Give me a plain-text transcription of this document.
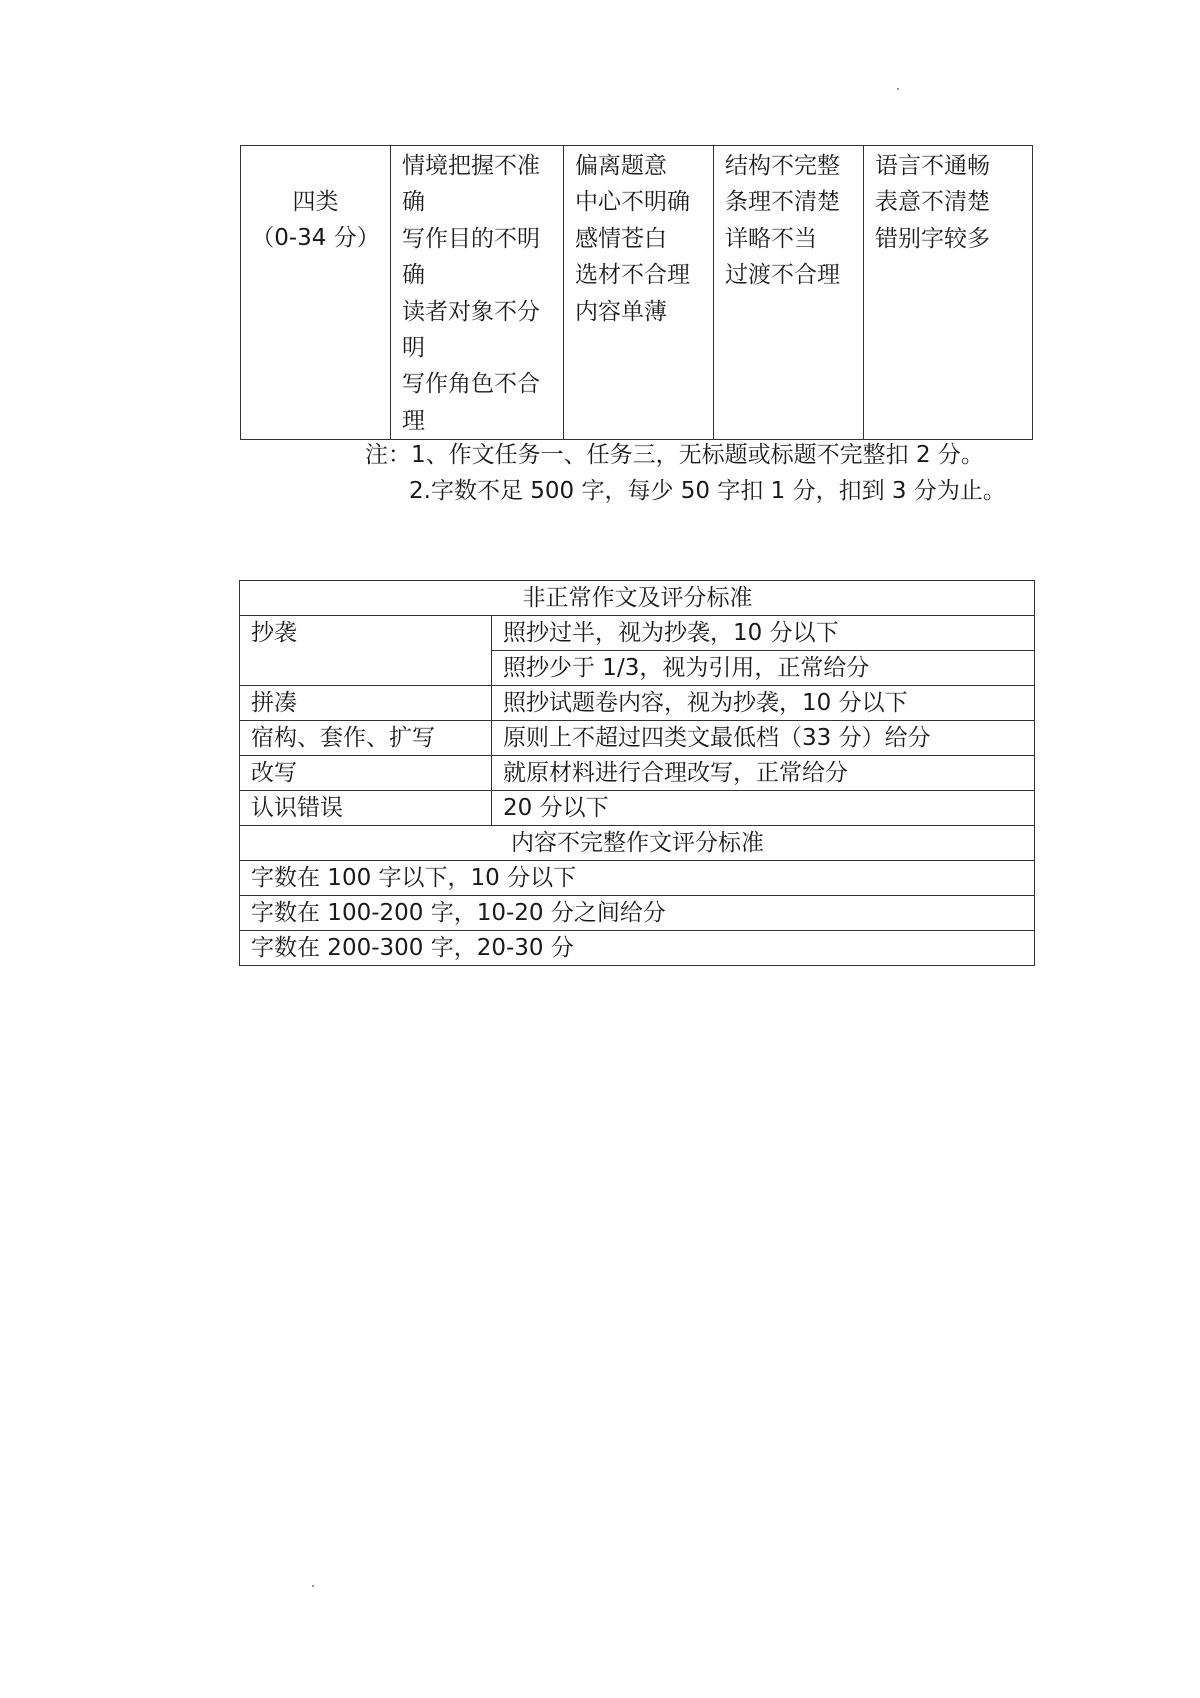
四类
（0-34 分）

情境把握不准
确
写作目的不明
确
读者对象不分
明
写作角色不合
理

偏离题意
中心不明确
感情苍白
选材不合理
内容单薄

结构不完整
条理不清楚
详略不当
过渡不合理

语言不通畅
表意不清楚
错别字较多
注：1、作文任务一、任务三，无标题或标题不完整扣 2 分。
2.字数不足 500 字，每少 50 字扣 1 分，扣到 3 分为止。
非正常作文及评分标准	
抄袭	照抄过半，视为抄袭，10 分以下
	照抄少于 1/3，视为引用，正常给分
拼凑	照抄试题卷内容，视为抄袭，10 分以下
宿构、套作、扩写	原则上不超过四类文最低档（33 分）给分
改写	就原材料进行合理改写，正常给分
认识错误	20 分以下
内容不完整作文评分标准	
字数在 100 字以下，10 分以下	
字数在 100-200 字，10-20 分之间给分	
字数在 200-300 字，20-30 分	
